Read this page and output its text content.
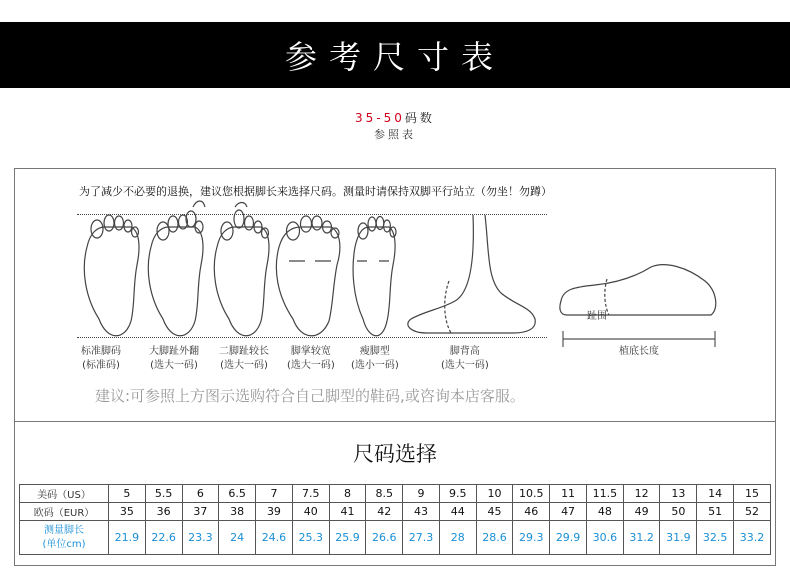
参考尺寸表
35-50码数
参照表
为了减少不必要的退换，建议您根据脚长来选择尺码。测量时请保持双脚平行站立（勿坐！勿蹲）
趾围
标准脚码
(标准码)
大脚趾外翻
(选大一码)
二脚趾较长
(选大一码)
脚掌较宽
(选大一码)
瘦脚型
(选小一码)
脚背高
(选大一码)
植底长度
建议:可参照上方图示选购符合自己脚型的鞋码,或咨询本店客服。
尺码选择
美码（US）	5	5.5	6	6.5	7	7.5	8	8.5	9	9.5	10	10.5	11	11.5	12	13	14	15

欧码（EUR）	35	36	37	38	39	40	41	42	43	44	45	46	47	48	49	50	51	52

测量脚长
(单位cm)	21.9	22.6	23.3	24	24.6	25.3	25.9	26.6	27.3	28	28.6	29.3	29.9	30.6	31.2	31.9	32.5	33.2
